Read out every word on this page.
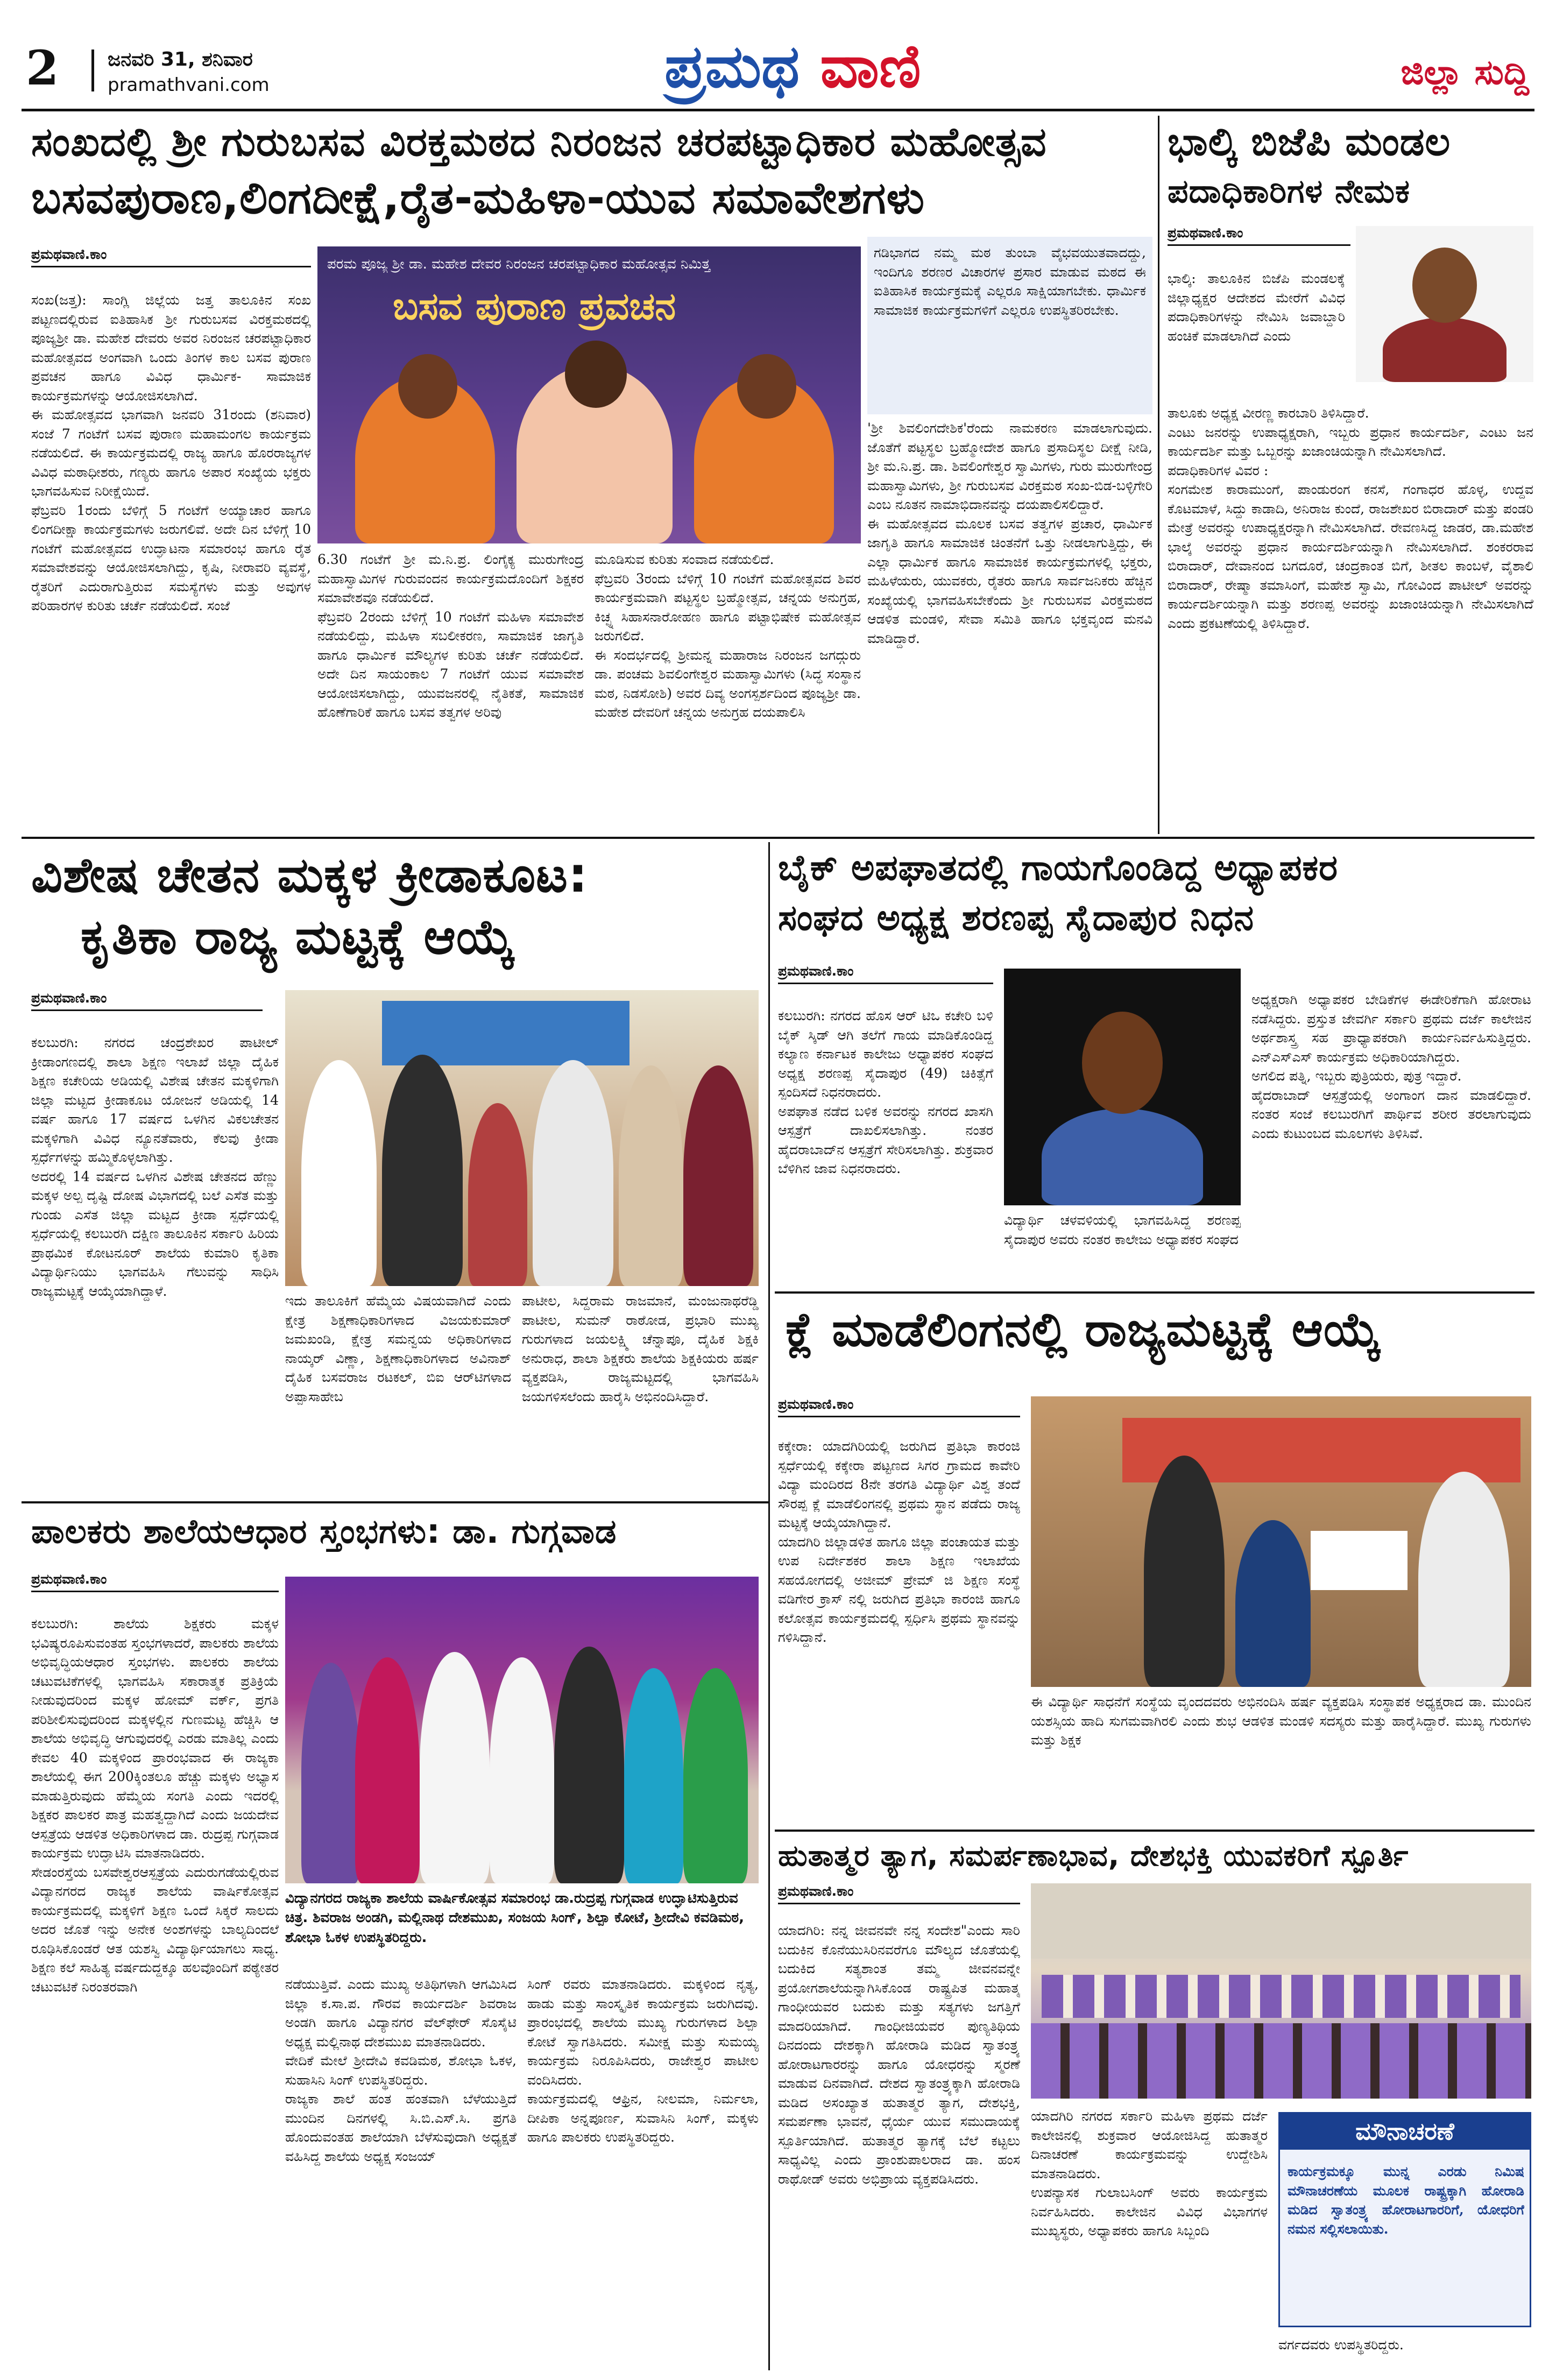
2	ಜನವರಿ 31, ಶನಿವಾರ
pramathvani.com	ಪ್ರಮಥ ವಾಣಿ	ಜಿಲ್ಲಾ ಸುದ್ದಿ
ಸಂಖದಲ್ಲಿ ಶ್ರೀ ಗುರುಬಸವ ವಿರಕ್ತಮಠದ ನಿರಂಜನ ಚರಪಟ್ಟಾಧಿಕಾರ ಮಹೋತ್ಸವ
ಬಸವಪುರಾಣ,ಲಿಂಗದೀಕ್ಷೆ,ರೈತ-ಮಹಿಳಾ-ಯುವ ಸಮಾವೇಶಗಳು
ಪ್ರಮಥವಾಣಿ.ಕಾಂ
ಪರಮ ಪೂಜ್ಯ ಶ್ರೀ ಡಾ. ಮಹೇಶ ದೇವರ ನಿರಂಜನ ಚರಪಟ್ಟಾಧಿಕಾರ ಮಹೋತ್ಸವ ನಿಮಿತ್ತ
ಬಸವ ಪುರಾಣ ಪ್ರವಚನ
ಸಂಖ(ಜತ್ತ): ಸಾಂಗ್ಲಿ ಜಿಲ್ಲೆಯ ಜತ್ತ ತಾಲೂಕಿನ ಸಂಖ ಪಟ್ಟಣದಲ್ಲಿರುವ ಐತಿಹಾಸಿಕ ಶ್ರೀ ಗುರುಬಸವ ವಿರಕ್ತಮಠದಲ್ಲಿ ಪೂಜ್ಯಶ್ರೀ ಡಾ. ಮಹೇಶ ದೇವರು ಅವರ ನಿರಂಜನ ಚರಪಟ್ಟಾಧಿಕಾರ ಮಹೋತ್ಸವದ ಅಂಗವಾಗಿ ಒಂದು ತಿಂಗಳ ಕಾಲ ಬಸವ ಪುರಾಣ ಪ್ರವಚನ ಹಾಗೂ ವಿವಿಧ ಧಾರ್ಮಿಕ- ಸಾಮಾಜಿಕ ಕಾರ್ಯಕ್ರಮಗಳನ್ನು ಆಯೋಜಿಸಲಾಗಿದೆ.
ಈ ಮಹೋತ್ಸವದ ಭಾಗವಾಗಿ ಜನವರಿ 31ರಂದು (ಶನಿವಾರ) ಸಂಜೆ 7 ಗಂಟೆಗೆ ಬಸವ ಪುರಾಣ ಮಹಾಮಂಗಲ ಕಾರ್ಯಕ್ರಮ ನಡೆಯಲಿದೆ. ಈ ಕಾರ್ಯಕ್ರಮದಲ್ಲಿ ರಾಜ್ಯ ಹಾಗೂ ಹೊರರಾಜ್ಯಗಳ ವಿವಿಧ ಮಠಾಧೀಶರು, ಗಣ್ಯರು ಹಾಗೂ ಅಪಾರ ಸಂಖ್ಯೆಯ ಭಕ್ತರು ಭಾಗವಹಿಸುವ ನಿರೀಕ್ಷೆಯಿದೆ.
ಫೆಬ್ರವರಿ 1ರಂದು ಬೆಳಿಗ್ಗೆ 5 ಗಂಟೆಗೆ ಅಯ್ಯಾಚಾರ ಹಾಗೂ ಲಿಂಗದೀಕ್ಷಾ ಕಾರ್ಯಕ್ರಮಗಳು ಜರುಗಲಿವೆ. ಅದೇ ದಿನ ಬೆಳಿಗ್ಗೆ 10 ಗಂಟೆಗೆ ಮಹೋತ್ಸವದ ಉದ್ಘಾಟನಾ ಸಮಾರಂಭ ಹಾಗೂ ರೈತ ಸಮಾವೇಶವನ್ನು ಆಯೋಜಿಸಲಾಗಿದ್ದು, ಕೃಷಿ, ನೀರಾವರಿ ವ್ಯವಸ್ಥೆ, ರೈತರಿಗೆ ಎದುರಾಗುತ್ತಿರುವ ಸಮಸ್ಯೆಗಳು ಮತ್ತು ಅವುಗಳ ಪರಿಹಾರಗಳ ಕುರಿತು ಚರ್ಚೆ ನಡೆಯಲಿದೆ. ಸಂಜೆ
6.30 ಗಂಟೆಗೆ ಶ್ರೀ ಮ.ನಿ.ಪ್ರ. ಲಿಂಗೈಕ್ಯ ಮುರುಗೇಂದ್ರ ಮಹಾಸ್ವಾಮಿಗಳ ಗುರುವಂದನ ಕಾರ್ಯಕ್ರಮದೊಂದಿಗೆ ಶಿಕ್ಷಕರ ಸಮಾವೇಶವೂ ನಡೆಯಲಿದೆ.
ಫೆಬ್ರವರಿ 2ರಂದು ಬೆಳಿಗ್ಗೆ 10 ಗಂಟೆಗೆ ಮಹಿಳಾ ಸಮಾವೇಶ ನಡೆಯಲಿದ್ದು, ಮಹಿಳಾ ಸಬಲೀಕರಣ, ಸಾಮಾಜಿಕ ಜಾಗೃತಿ ಹಾಗೂ ಧಾರ್ಮಿಕ ಮೌಲ್ಯಗಳ ಕುರಿತು ಚರ್ಚೆ ನಡೆಯಲಿದೆ. ಅದೇ ದಿನ ಸಾಯಂಕಾಲ 7 ಗಂಟೆಗೆ ಯುವ ಸಮಾವೇಶ ಆಯೋಜಿಸಲಾಗಿದ್ದು, ಯುವಜನರಲ್ಲಿ ನೈತಿಕತೆ, ಸಾಮಾಜಿಕ ಹೊಣೆಗಾರಿಕೆ ಹಾಗೂ ಬಸವ ತತ್ವಗಳ ಅರಿವು
ಮೂಡಿಸುವ ಕುರಿತು ಸಂವಾದ ನಡೆಯಲಿದೆ.
ಫೆಬ್ರವರಿ 3ರಂದು ಬೆಳಿಗ್ಗೆ 10 ಗಂಟೆಗೆ ಮಹೋತ್ಸವದ ಶಿವರ ಕಾರ್ಯಕ್ರಮವಾಗಿ ಪಟ್ಟಸ್ಥಲ ಬ್ರಹ್ಮೋತ್ಸವ, ಚನ್ನಯ ಅನುಗ್ರಹ, ಕಿಚ್ಛ್ನ ಸಿಹಾಸನಾರೋಹಣ ಹಾಗೂ ಪಟ್ಟಾಭಿಷೇಕ ಮಹೋತ್ಸವ ಜರುಗಲಿದೆ.
ಈ ಸಂದರ್ಭದಲ್ಲಿ ಶ್ರೀಮನ್ನ ಮಹಾರಾಜ ನಿರಂಜನ ಜಗದ್ಗುರು ಡಾ. ಪಂಚಮ ಶಿವಲಿಂಗೇಶ್ವರ ಮಹಾಸ್ವಾಮಿಗಳು (ಸಿದ್ಧ ಸಂಸ್ಥಾನ ಮಠ, ನಿಡಸೋಶಿ) ಅವರ ದಿವ್ಯ ಅಂಗಸ್ಪರ್ಶದಿಂದ ಪೂಜ್ಯಶ್ರೀ ಡಾ. ಮಹೇಶ ದೇವರಿಗೆ ಚನ್ನಯ ಅನುಗ್ರಹ ದಯಪಾಲಿಸಿ
ಗಡಿಭಾಗದ ನಮ್ಮ ಮಠ ತುಂಬಾ ವೈಭವಯುತವಾದದ್ದು, ಇಂದಿಗೂ ಶರಣರ ವಿಚಾರಗಳ ಪ್ರಸಾರ ಮಾಡುವ ಮಠದ ಈ ಐತಿಹಾಸಿಕ ಕಾರ್ಯಕ್ರಮಕ್ಕೆ ಎಲ್ಲರೂ ಸಾಕ್ಷಿಯಾಗಬೇಕು. ಧಾರ್ಮಿಕ ಸಾಮಾಜಿಕ ಕಾರ್ಯಕ್ರಮಗಳಿಗೆ ಎಲ್ಲರೂ ಉಪಸ್ಥಿತರಿರಬೇಕು.
'ಶ್ರೀ ಶಿವಲಿಂಗದೇಶಿಕ'ರೆಂದು ನಾಮಕರಣ ಮಾಡಲಾಗುವುದು. ಜೊತೆಗೆ ಪಟ್ಟಸ್ಥಲ ಬ್ರಹ್ಮೋದೇಶ ಹಾಗೂ ಪ್ರಸಾದಿಸ್ಥಲ ದೀಕ್ಷೆ ನೀಡಿ, ಶ್ರೀ ಮ.ನಿ.ಪ್ರ. ಡಾ. ಶಿವಲಿಂಗೇಶ್ವರ ಸ್ವಾಮಿಗಳು, ಗುರು ಮುರುಗೇಂದ್ರ ಮಹಾಸ್ವಾಮಿಗಳು, ಶ್ರೀ ಗುರುಬಸವ ವಿರಕ್ತಮಠ ಸಂಖ-ಬಿಡ-ಬಳ್ಳಿಗೇರಿ ಎಂಬ ನೂತನ ನಾಮಾಭಿದಾನವನ್ನು ದಯಪಾಲಿಸಲಿದ್ದಾರೆ.
ಈ ಮಹೋತ್ಸವದ ಮೂಲಕ ಬಸವ ತತ್ವಗಳ ಪ್ರಚಾರ, ಧಾರ್ಮಿಕ ಜಾಗೃತಿ ಹಾಗೂ ಸಾಮಾಜಿಕ ಚಿಂತನೆಗೆ ಒತ್ತು ನೀಡಲಾಗುತ್ತಿದ್ದು, ಈ ಎಲ್ಲಾ ಧಾರ್ಮಿಕ ಹಾಗೂ ಸಾಮಾಜಿಕ ಕಾರ್ಯಕ್ರಮಗಳಲ್ಲಿ ಭಕ್ತರು, ಮಹಿಳೆಯರು, ಯುವಕರು, ರೈತರು ಹಾಗೂ ಸಾರ್ವಜನಿಕರು ಹೆಚ್ಚಿನ ಸಂಖ್ಯೆಯಲ್ಲಿ ಭಾಗವಹಿಸಬೇಕೆಂದು ಶ್ರೀ ಗುರುಬಸವ ವಿರಕ್ತಮಠದ ಆಡಳಿತ ಮಂಡಳಿ, ಸೇವಾ ಸಮಿತಿ ಹಾಗೂ ಭಕ್ತವೃಂದ ಮನವಿ ಮಾಡಿದ್ದಾರೆ.
ಭಾಲ್ಕಿ ಬಿಜೆಪಿ ಮಂಡಲ
ಪದಾಧಿಕಾರಿಗಳ ನೇಮಕ
ಪ್ರಮಥವಾಣಿ.ಕಾಂ
ಭಾಲ್ಕಿ: ತಾಲೂಕಿನ ಬಿಜೆಪಿ ಮಂಡಲಕ್ಕೆ ಜಿಲ್ಲಾಧ್ಯಕ್ಷರ ಆದೇಶದ ಮೇರೆಗೆ ವಿವಿಧ ಪದಾಧಿಕಾರಿಗಳನ್ನು ನೇಮಿಸಿ ಜವಾಬ್ದಾರಿ ಹಂಚಿಕೆ ಮಾಡಲಾಗಿದೆ ಎಂದು
ತಾಲೂಕು ಅಧ್ಯಕ್ಷ ವೀರಣ್ಣ ಕಾರಬಾರಿ ತಿಳಿಸಿದ್ದಾರೆ.
ಎಂಟು ಜನರನ್ನು ಉಪಾಧ್ಯಕ್ಷರಾಗಿ, ಇಬ್ಬರು ಪ್ರಧಾನ ಕಾರ್ಯದರ್ಶಿ, ಎಂಟು ಜನ ಕಾರ್ಯದರ್ಶಿ ಮತ್ತು ಒಬ್ಬರನ್ನು ಖಜಾಂಚಿಯನ್ನಾಗಿ ನೇಮಿಸಲಾಗಿದೆ.
ಪದಾಧಿಕಾರಿಗಳ ವಿವರ :
ಸಂಗಮೇಶ ಕಾರಾಮುಂಗೆ, ಪಾಂಡುರಂಗ ಕನಸೆ, ಗಂಗಾಧರ ಹೊಳ್ಳ, ಉದ್ದವ ಕೊಟಮಾಳೆ, ಸಿದ್ದು ಕಾಡಾದಿ, ಅನಿರಾಜ ಕುಂದೆ, ರಾಜಶೇಖರ ಬಿರಾದಾರ್ ಮತ್ತು ಪಂಡರಿ ಮೇತ್ರೆ ಅವರನ್ನು ಉಪಾಧ್ಯಕ್ಷರನ್ನಾಗಿ ನೇಮಿಸಲಾಗಿದೆ. ರೇವಣಸಿದ್ದ ಜಾಡರ, ಡಾ.ಮಹೇಶ ಭಾಲ್ಕೆ ಅವರನ್ನು ಪ್ರಧಾನ ಕಾರ್ಯದರ್ಶಿಯನ್ನಾಗಿ ನೇಮಿಸಲಾಗಿದೆ. ಶಂಕರರಾವ ಬಿರಾದಾರ್, ದೇವಾನಂದ ಬಗದೂರೆ, ಚಂದ್ರಕಾಂತ ಬಿಗೆ, ಶೀತಲ ಕಾಂಬಳೆ, ವೈಶಾಲಿ ಬಿರಾದಾರ್, ರೇಷ್ಮಾ ತಮಾಸಿಂಗೆ, ಮಹೇಶ ಸ್ವಾಮಿ, ಗೋವಿಂದ ಪಾಟೀಲ್ ಅವರನ್ನು ಕಾರ್ಯದರ್ಶಿಯನ್ನಾಗಿ ಮತ್ತು ಶರಣಪ್ಪ ಅವರನ್ನು ಖಜಾಂಚಿಯನ್ನಾಗಿ ನೇಮಿಸಲಾಗಿದೆ ಎಂದು ಪ್ರಕಟಣೆಯಲ್ಲಿ ತಿಳಿಸಿದ್ದಾರೆ.
ವಿಶೇಷ ಚೇತನ ಮಕ್ಕಳ ಕ್ರೀಡಾಕೂಟ:
ಕೃತಿಕಾ ರಾಜ್ಯ ಮಟ್ಟಕ್ಕೆ ಆಯ್ಕೆ
ಪ್ರಮಥವಾಣಿ.ಕಾಂ
ಕಲಬುರಗಿ: ನಗರದ ಚಂದ್ರಶೇಖರ ಪಾಟೀಲ್ ಕ್ರೀಡಾಂಗಣದಲ್ಲಿ ಶಾಲಾ ಶಿಕ್ಷಣ ಇಲಾಖೆ ಜಿಲ್ಲಾ ದೈಹಿಕ ಶಿಕ್ಷಣ ಕಚೇರಿಯ ಅಡಿಯಲ್ಲಿ ವಿಶೇಷ ಚೇತನ ಮಕ್ಕಳಿಗಾಗಿ ಜಿಲ್ಲಾ ಮಟ್ಟದ ಕ್ರೀಡಾಕೂಟ ಯೋಜನೆ ಅಡಿಯಲ್ಲಿ 14 ವರ್ಷ ಹಾಗೂ 17 ವರ್ಷದ ಒಳಗಿನ ವಿಕಲಚೇತನ ಮಕ್ಕಳಿಗಾಗಿ ವಿವಿಧ ನ್ಯೂನತೆವಾರು, ಕೆಲವು ಕ್ರೀಡಾ ಸ್ಪರ್ಧೆಗಳನ್ನು ಹಮ್ಮಿಕೊಳ್ಳಲಾಗಿತ್ತು.
ಅದರಲ್ಲಿ 14 ವರ್ಷದ ಒಳಗಿನ ವಿಶೇಷ ಚೇತನದ ಹೆಣ್ಣು ಮಕ್ಕಳ ಅಲ್ಪ ದೃಷ್ಟಿ ದೋಷ ವಿಭಾಗದಲ್ಲಿ ಬಲೆ ಎಸೆತ ಮತ್ತು ಗುಂಡು ಎಸೆತ ಜಿಲ್ಲಾ ಮಟ್ಟದ ಕ್ರೀಡಾ ಸ್ಪರ್ಧೆಯಲ್ಲಿ ಸ್ಪರ್ಧೆಯಲ್ಲಿ ಕಲಬುರಗಿ ದಕ್ಷಿಣ ತಾಲೂಕಿನ ಸರ್ಕಾರಿ ಹಿರಿಯ ಪ್ರಾಥಮಿಕ ಕೋಟನೂರ್ ಶಾಲೆಯ ಕುಮಾರಿ ಕೃತಿಕಾ ವಿದ್ಯಾರ್ಥಿನಿಯು ಭಾಗವಹಿಸಿ ಗೆಲುವನ್ನು ಸಾಧಿಸಿ ರಾಜ್ಯಮಟ್ಟಕ್ಕೆ ಆಯ್ಕೆಯಾಗಿದ್ದಾಳೆ.
ಇದು ತಾಲೂಕಿಗೆ ಹೆಮ್ಮೆಯ ವಿಷಯವಾಗಿದೆ ಎಂದು ಕ್ಷೇತ್ರ ಶಿಕ್ಷಣಾಧಿಕಾರಿಗಳಾದ ವಿಜಯಕುಮಾರ್ ಜಮಖಂಡಿ, ಕ್ಷೇತ್ರ ಸಮನ್ವಯ ಅಧಿಕಾರಿಗಳಾದ ನಾಯ್ಕರ್ ವಿಣ್ಣಾ, ಶಿಕ್ಷಣಾಧಿಕಾರಿಗಳಾದ ಅವಿನಾಶ್ ದೈಹಿಕ ಬಸವರಾಜ ರಟಕಲ್, ಬಿಐ ಆರ್‌ಟಿಗಳಾದ ಅಪ್ಪಾಸಾಹೇಬ
ಪಾಟೀಲ, ಸಿದ್ದರಾಮ ರಾಜಮಾನೆ, ಮಂಜುನಾಥರೆಡ್ಡಿ ಪಾಟೀಲ, ಸುಮನ್ ರಾಠೋಡ, ಪ್ರಭಾರಿ ಮುಖ್ಯ ಗುರುಗಳಾದ ಜಯಲಕ್ಷ್ಮಿ ಚೆನ್ನಾಪೂ, ದೈಹಿಕ ಶಿಕ್ಷಕಿ ಅನುರಾಧ, ಶಾಲಾ ಶಿಕ್ಷಕರು ಶಾಲೆಯ ಶಿಕ್ಷಕಿಯರು ಹರ್ಷ ವ್ಯಕ್ತಪಡಿಸಿ, ರಾಜ್ಯಮಟ್ಟದಲ್ಲಿ ಭಾಗವಹಿಸಿ ಜಯಗಳಿಸಲೆಂದು ಹಾರೈಸಿ ಅಭಿನಂದಿಸಿದ್ದಾರೆ.
ಬೈಕ್ ಅಪಘಾತದಲ್ಲಿ ಗಾಯಗೊಂಡಿದ್ದ ಅಧ್ಯಾಪಕರ
ಸಂಘದ ಅಧ್ಯಕ್ಷ ಶರಣಪ್ಪ ಸೈದಾಪುರ ನಿಧನ
ಪ್ರಮಥವಾಣಿ.ಕಾಂ
ಕಲಬುರಗಿ: ನಗರದ ಹೊಸ ಆರ್ ಟಿಒ ಕಚೇರಿ ಬಳಿ ಬೈಕ್ ಸ್ಕಿಡ್ ಆಗಿ ತಲೆಗೆ ಗಾಯ ಮಾಡಿಕೊಂಡಿದ್ದ ಕಲ್ಯಾಣ ಕರ್ನಾಟಕ ಕಾಲೇಜು ಅಧ್ಯಾಪಕರ ಸಂಘದ ಅಧ್ಯಕ್ಷ ಶರಣಪ್ಪ ಸೈದಾಪುರ (49) ಚಿಕಿತ್ಸೆಗೆ ಸ್ಪಂದಿಸದೆ ನಿಧನರಾದರು.
ಅಪಘಾತ ನಡೆದ ಬಳಿಕ ಅವರನ್ನು ನಗರದ ಖಾಸಗಿ ಆಸ್ಪತ್ರೆಗೆ ದಾಖಲಿಸಲಾಗಿತ್ತು. ನಂತರ ಹೈದರಾಬಾದ್‌ನ ಆಸ್ಪತ್ರೆಗೆ ಸೇರಿಸಲಾಗಿತ್ತು. ಶುಕ್ರವಾರ ಬೆಳಿಗಿನ ಜಾವ ನಿಧನರಾದರು.
ವಿದ್ಯಾರ್ಥಿ ಚಳವಳಿಯಲ್ಲಿ ಭಾಗವಹಿಸಿದ್ದ ಶರಣಪ್ಪ ಸೈದಾಪುರ ಅವರು ನಂತರ ಕಾಲೇಜು ಅಧ್ಯಾಪಕರ ಸಂಘದ
ಅಧ್ಯಕ್ಷರಾಗಿ ಅಧ್ಯಾಪಕರ ಬೇಡಿಕೆಗಳ ಈಡೇರಿಕೆಗಾಗಿ ಹೋರಾಟ ನಡೆಸಿದ್ದರು. ಪ್ರಸ್ತುತ ಜೇವರ್ಗಿ ಸರ್ಕಾರಿ ಪ್ರಥಮ ದರ್ಜೆ ಕಾಲೇಜಿನ ಅರ್ಥಶಾಸ್ತ್ರ ಸಹ ಪ್ರಾಧ್ಯಾಪಕರಾಗಿ ಕಾರ್ಯನಿರ್ವಹಿಸುತ್ತಿದ್ದರು. ಎನ್‌ಎಸ್‌ಎಸ್ ಕಾರ್ಯಕ್ರಮ ಅಧಿಕಾರಿಯಾಗಿದ್ದರು.
ಅಗಲಿದ ಪತ್ನಿ, ಇಬ್ಬರು ಪುತ್ರಿಯರು, ಪುತ್ರ ಇದ್ದಾರೆ.
ಹೈದರಾಬಾದ್ ಆಸ್ಪತ್ರೆಯಲ್ಲಿ ಅಂಗಾಂಗ ದಾನ ಮಾಡಲಿದ್ದಾರೆ. ನಂತರ ಸಂಜೆ ಕಲಬುರಗಿಗೆ ಪಾರ್ಥಿವ ಶರೀರ ತರಲಾಗುವುದು ಎಂದು ಕುಟುಂಬದ ಮೂಲಗಳು ತಿಳಿಸಿವೆ.
ಕ್ಲೆ ಮಾಡೆಲಿಂಗನಲ್ಲಿ ರಾಜ್ಯಮಟ್ಟಕ್ಕೆ ಆಯ್ಕೆ
ಪ್ರಮಥವಾಣಿ.ಕಾಂ
ಕಕ್ಕೇರಾ: ಯಾದಗಿರಿಯಲ್ಲಿ ಜರುಗಿದ ಪ್ರತಿಭಾ ಕಾರಂಜಿ ಸ್ಪರ್ಧೆಯಲ್ಲಿ ಕಕ್ಕೇರಾ ಪಟ್ಟಣದ ಸಿಗರ ಗ್ರಾಮದ ಕಾವೇರಿ ವಿದ್ಯಾ ಮಂದಿರದ 8ನೇ ತರಗತಿ ವಿದ್ಯಾರ್ಥಿ ವಿಶ್ವ ತಂದೆ ಸೌರಪ್ಪ ಕ್ಲೆ ಮಾಡೆಲಿಂಗನಲ್ಲಿ ಪ್ರಥಮ ಸ್ಥಾನ ಪಡೆದು ರಾಜ್ಯ ಮಟ್ಟಕ್ಕೆ ಆಯ್ಕೆಯಾಗಿದ್ದಾನೆ.
ಯಾದಗಿರಿ ಜಿಲ್ಲಾಡಳಿತ ಹಾಗೂ ಜಿಲ್ಲಾ ಪಂಚಾಯತ ಮತ್ತು ಉಪ ನಿರ್ದೇಶಕರ ಶಾಲಾ ಶಿಕ್ಷಣ ಇಲಾಖೆಯ ಸಹಯೋಗದಲ್ಲಿ ಅಜೀಮ್ ಪ್ರೇಮ್ ಜಿ ಶಿಕ್ಷಣ ಸಂಸ್ಥೆ ವಡಿಗೇರ ಕ್ರಾಸ್ ನಲ್ಲಿ ಜರುಗಿದ ಪ್ರತಿಭಾ ಕಾರಂಜಿ ಹಾಗೂ ಕಲೋತ್ಸವ ಕಾರ್ಯಕ್ರಮದಲ್ಲಿ ಸ್ಪರ್ಧಿಸಿ ಪ್ರಥಮ ಸ್ಥಾನವನ್ನು ಗಳಿಸಿದ್ದಾನೆ.
ಈ ವಿದ್ಯಾರ್ಥಿ ಸಾಧನೆಗೆ ಸಂಸ್ಥೆಯ ವೃಂದದವರು ಅಭಿನಂದಿಸಿ ಹರ್ಷ ವ್ಯಕ್ತಪಡಿಸಿ ಸಂಸ್ಥಾಪಕ ಅಧ್ಯಕ್ಷರಾದ ಡಾ. ಮುಂದಿನ ಯಶಸ್ಸಿಯ ಹಾದಿ ಸುಗಮವಾಗಿರಲಿ ಎಂದು ಶುಭ ಆಡಳಿತ ಮಂಡಳಿ ಸದಸ್ಯರು ಮತ್ತು ಹಾರೈಸಿದ್ದಾರೆ. ಮುಖ್ಯ ಗುರುಗಳು ಮತ್ತು ಶಿಕ್ಷಕ
ಪಾಲಕರು ಶಾಲೆಯಆಧಾರ ಸ್ತಂಭಗಳು: ಡಾ. ಗುಗ್ಗವಾಡ
ಪ್ರಮಥವಾಣಿ.ಕಾಂ
ಕಲಬುರಗಿ: ಶಾಲೆಯ ಶಿಕ್ಷಕರು ಮಕ್ಕಳ ಭವಿಷ್ಯರೂಪಿಸುವಂತಹ ಸ್ತಂಭಗಳಾದರೆ, ಪಾಲಕರು ಶಾಲೆಯ ಅಭಿವೃದ್ಧಿಯಆಧಾರ ಸ್ತಂಭಗಳು. ಪಾಲಕರು ಶಾಲೆಯ ಚಟುವಟಿಕೆಗಳಲ್ಲಿ ಭಾಗವಹಿಸಿ ಸಕಾರಾತ್ಮಕ ಪ್ರತಿಕ್ರಿಯೆ ನೀಡುವುದರಿಂದ ಮಕ್ಕಳ ಹೋಮ್ ವರ್ಕ್, ಪ್ರಗತಿ ಪರಿಶೀಲಿಸುವುದರಿಂದ ಮಕ್ಕಳಲ್ಲಿನ ಗುಣಮಟ್ಟ ಹೆಚ್ಚಿಸಿ ಆ ಶಾಲೆಯ ಅಭಿವೃದ್ಧಿ ಆಗುವುದರಲ್ಲಿ ಎರಡು ಮಾತಿಲ್ಲ ಎಂದು ಕೇವಲ 40 ಮಕ್ಕಳಿಂದ ಪ್ರಾರಂಭವಾದ ಈ ರಾಜ್ಯಕಾ ಶಾಲೆಯಲ್ಲಿ ಈಗ 200ಕ್ಕಿಂತಲೂ ಹೆಚ್ಚು ಮಕ್ಕಳು ಅಭ್ಯಾಸ ಮಾಡುತ್ತಿರುವುದು ಹೆಮ್ಮೆಯ ಸಂಗತಿ ಎಂದು ಇದರಲ್ಲಿ ಶಿಕ್ಷಕರ ಪಾಲಕರ ಪಾತ್ರ ಮಹತ್ವದ್ದಾಗಿದೆ ಎಂದು ಜಯದೇವ ಆಸ್ಪತ್ರೆಯ ಆಡಳಿತ ಅಧಿಕಾರಿಗಳಾದ ಡಾ. ರುದ್ರಪ್ಪ ಗುಗ್ಗವಾಡ ಕಾರ್ಯಕ್ರಮ ಉದ್ಘಾಟಿಸಿ ಮಾತನಾಡಿದರು.
ಸೇಡಂರಸ್ತೆಯ ಬಸವೇಶ್ವರಆಸ್ಪತ್ರೆಯ ಎದುರುಗಡೆಯಲ್ಲಿರುವ ವಿದ್ಯಾನಗರದ ರಾಜ್ಯಕ ಶಾಲೆಯ ವಾರ್ಷಿಕೋತ್ಸವ ಕಾರ್ಯಕ್ರಮದಲ್ಲಿ ಮಕ್ಕಳಿಗೆ ಶಿಕ್ಷಣ ಒಂದೆ ಸಿಕ್ಕರೆ ಸಾಲದು ಅದರ ಜೊತೆ ಇನ್ನು ಅನೇಕ ಅಂಶಗಳನ್ನು ಬಾಲ್ಯದಿಂದಲೆ ರೂಢಿಸಿಕೊಂಡರೆ ಆತ ಯಶಸ್ವಿ ವಿದ್ಯಾರ್ಥಿಯಾಗಲು ಸಾಧ್ಯ. ಶಿಕ್ಷಣ ಕಲೆ ಸಾಹಿತ್ಯ ವರ್ಷದುದ್ದಕ್ಕೂ ಹಲವೊಂದಿಗೆ ಪಠ್ಯೇತರ ಚಟುವಟಿಕೆ ನಿರಂತರವಾಗಿ
ವಿದ್ಯಾನಗರದ ರಾಜ್ಯಕಾ ಶಾಲೆಯ ವಾರ್ಷಿಕೋತ್ಸವ ಸಮಾರಂಭ ಡಾ.ರುದ್ರಪ್ಪ ಗುಗ್ಗವಾಡ ಉದ್ಘಾಟಿಸುತ್ತಿರುವ ಚಿತ್ರ. ಶಿವರಾಜ ಅಂಡಗಿ, ಮಲ್ಲಿನಾಥ ದೇಶಮುಖ, ಸಂಜಯ ಸಿಂಗ್, ಶಿಲ್ಪಾ ಕೋಟೆ, ಶ್ರೀದೇವಿ ಕವಡಿಮಠ, ಶೋಭಾ ಓಕಳ ಉಪಸ್ಥಿತರಿದ್ದರು.
ನಡೆಯುತ್ತಿವೆ. ಎಂದು ಮುಖ್ಯ ಅತಿಥಿಗಳಾಗಿ ಆಗಮಿಸಿದ ಜಿಲ್ಲಾ ಕ.ಸಾ.ಪ. ಗೌರವ ಕಾರ್ಯದರ್ಶಿ ಶಿವರಾಜ ಅಂಡಗಿ ಹಾಗೂ ವಿದ್ಯಾನಗರ ವೆಲ್‌ಫೇರ್ ಸೊಸೈಟಿ ಅಧ್ಯಕ್ಷ ಮಲ್ಲಿನಾಥ ದೇಶಮುಖ ಮಾತನಾಡಿದರು.
ವೇದಿಕೆ ಮೇಲೆ ಶ್ರೀದೇವಿ ಕವಡಿಮಠ, ಶೋಭಾ ಓಕಳ, ಸುಹಾಸಿನಿ ಸಿಂಗ್ ಉಪಸ್ಥಿತರಿದ್ದರು.
ರಾಜ್ಯಕಾ ಶಾಲೆ ಹಂತ ಹಂತವಾಗಿ ಬೆಳೆಯುತ್ತಿದೆ ಮುಂದಿನ ದಿನಗಳಲ್ಲಿ ಸಿ.ಬಿ.ಎಸ್.ಸಿ. ಪ್ರಗತಿ ಹೊಂದುವಂತಹ ಶಾಲೆಯಾಗಿ ಬೆಳೆಸುವುದಾಗಿ ಅಧ್ಯಕ್ಷತೆ ವಹಿಸಿದ್ದ ಶಾಲೆಯ ಅಧ್ಯಕ್ಷ ಸಂಜಯ್
ಸಿಂಗ್ ರವರು ಮಾತನಾಡಿದರು. ಮಕ್ಕಳಿಂದ ನೃತ್ಯ, ಹಾಡು ಮತ್ತು ಸಾಂಸ್ಕೃತಿಕ ಕಾರ್ಯಕ್ರಮ ಜರುಗಿದವು. ಪ್ರಾರಂಭದಲ್ಲಿ ಶಾಲೆಯ ಮುಖ್ಯ ಗುರುಗಳಾದ ಶಿಲ್ಪಾ ಕೋಟೆ ಸ್ವಾಗತಿಸಿದರು. ಸಮೀಕ್ಷ ಮತ್ತು ಸುಮಯ್ಯ ಕಾರ್ಯಕ್ರಮ ನಿರೂಪಿಸಿದರು, ರಾಜೇಶ್ವರ ಪಾಟೀಲ ವಂದಿಸಿದರು.
ಕಾರ್ಯಕ್ರಮದಲ್ಲಿ ಆಫ್ರಿನ, ನೀಲಮಾ, ನಿರ್ಮಲಾ, ದೀಪಿಕಾ ಅನ್ನಪೂರ್ಣ, ಸುವಾಸಿನಿ ಸಿಂಗ್, ಮಕ್ಕಳು ಹಾಗೂ ಪಾಲಕರು ಉಪಸ್ಥಿತರಿದ್ದರು.
ಹುತಾತ್ಮರ ತ್ಯಾಗ, ಸಮರ್ಪಣಾಭಾವ, ದೇಶಭಕ್ತಿ ಯುವಕರಿಗೆ ಸ್ಪೂರ್ತಿ
ಪ್ರಮಥವಾಣಿ.ಕಾಂ
ಯಾದಗಿರಿ: ನನ್ನ ಜೀವನವೇ ನನ್ನ ಸಂದೇಶ"ಎಂದು ಸಾರಿ ಬದುಕಿನ ಕೊನೆಯುಸಿರಿನವರೆಗೂ ಮೌಲ್ಯದ ಜೊತೆಯಲ್ಲಿ ಬದುಕಿದ ಸತ್ಯಶಾಂತ ತಮ್ಮ ಜೀವನವನ್ನೇ ಪ್ರಯೋಗಶಾಲೆಯನ್ನಾಗಿಸಿಕೊಂಡ ರಾಷ್ಟ್ರಪಿತ ಮಹಾತ್ಮ ಗಾಂಧೀಯವರ ಬದುಕು ಮತ್ತು ಸತ್ಯಗಳು ಜಗತ್ತಿಗೆ ಮಾದರಿಯಾಗಿದೆ. ಗಾಂಧೀಜಿಯವರ ಪುಣ್ಯತಿಥಿಯ ದಿನದಂದು ದೇಶಕ್ಕಾಗಿ ಹೋರಾಡಿ ಮಡಿದ ಸ್ವಾತಂತ್ರ್ಯ ಹೋರಾಟಗಾರರನ್ನು ಹಾಗೂ ಯೋಧರನ್ನು ಸ್ಮರಣೆ ಮಾಡುವ ದಿನವಾಗಿದೆ. ದೇಶದ ಸ್ವಾತಂತ್ರ್ಯಕ್ಕಾಗಿ ಹೋರಾಡಿ ಮಡಿದ ಅಸಂಖ್ಯಾತ ಹುತಾತ್ಮರ ತ್ಯಾಗ, ದೇಶಭಕ್ತಿ, ಸಮರ್ಪಣಾ ಭಾವನೆ, ಧೈರ್ಯ ಯುವ ಸಮುದಾಯಕ್ಕೆ ಸ್ಪೂರ್ತಿಯಾಗಿದೆ. ಹುತಾತ್ಮರ ತ್ಯಾಗಕ್ಕೆ ಬೆಲೆ ಕಟ್ಟಲು ಸಾಧ್ಯವಿಲ್ಲ ಎಂದು ಪ್ರಾಂಶುಪಾಲರಾದ ಡಾ. ಹಂಸ ರಾಥೋಡ್ ಅವರು ಅಭಿಪ್ರಾಯ ವ್ಯಕ್ತಪಡಿಸಿದರು.
ಯಾದಗಿರಿ ನಗರದ ಸರ್ಕಾರಿ ಮಹಿಳಾ ಪ್ರಥಮ ದರ್ಜೆ ಕಾಲೇಜಿನಲ್ಲಿ ಶುಕ್ರವಾರ ಆಯೋಜಿಸಿದ್ದ ಹುತಾತ್ಮರ ದಿನಾಚರಣೆ ಕಾರ್ಯಕ್ರಮವನ್ನು ಉದ್ದೇಶಿಸಿ ಮಾತನಾಡಿದರು.
ಉಪನ್ಯಾಸಕ ಗುಲಾಬಸಿಂಗ್ ಅವರು ಕಾರ್ಯಕ್ರಮ ನಿರ್ವಹಿಸಿದರು. ಕಾಲೇಜಿನ ವಿವಿಧ ವಿಭಾಗಗಳ ಮುಖ್ಯಸ್ಥರು, ಅಧ್ಯಾಪಕರು ಹಾಗೂ ಸಿಬ್ಬಂದಿ
ಮೌನಾಚರಣೆ
ಕಾರ್ಯಕ್ರಮಕ್ಕೂ ಮುನ್ನ ಎರಡು ನಿಮಿಷ ಮೌನಾಚರಣೆಯ ಮೂಲಕ ರಾಷ್ಟ್ರಕ್ಕಾಗಿ ಹೋರಾಡಿ ಮಡಿದ ಸ್ವಾತಂತ್ರ್ಯ ಹೋರಾಟಗಾರರಿಗೆ, ಯೋಧರಿಗೆ ನಮನ ಸಲ್ಲಿಸಲಾಯಿತು.
ವರ್ಗದವರು ಉಪಸ್ಥಿತರಿದ್ದರು.
